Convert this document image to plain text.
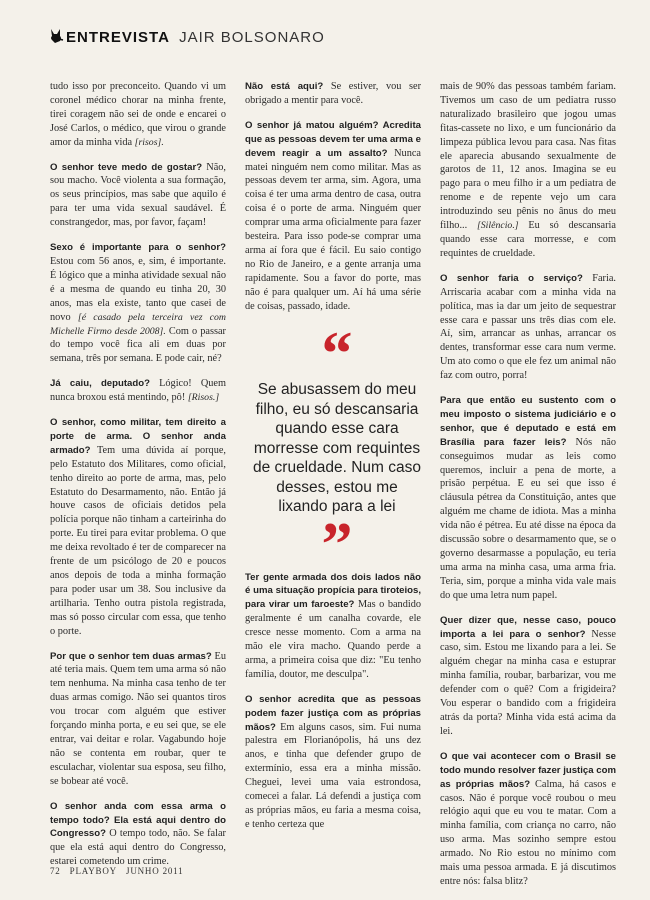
ENTREVISTA JAIR BOLSONARO

tudo isso por preconceito. Quando vi um coronel médico chorar na minha frente, tirei coragem não sei de onde e encarei o José Carlos, o médico, que virou o grande amor da minha vida [risos].

O senhor teve medo de gostar? Não, sou macho. Você violenta a sua formação, os seus princípios, mas sabe que aquilo é para ter uma vida sexual saudável. É constrangedor, mas, por favor, façam!

Sexo é importante para o senhor? Estou com 56 anos, e, sim, é importante. É lógico que a minha atividade sexual não é a mesma de quando eu tinha 20, 30 anos, mas ela existe, tanto que casei de novo [é casado pela terceira vez com Michelle Firmo desde 2008]. Com o passar do tempo você fica ali em duas por semana, três por semana. E pode cair, né?

Já caiu, deputado? Lógico! Quem nunca broxou está mentindo, pô! [Risos.]

O senhor, como militar, tem direito a porte de arma. O senhor anda armado? Tem uma dúvida aí porque, pelo Estatuto dos Militares, como oficial, tenho direito ao porte de arma, mas, pelo Estatuto do Desarmamento, não. Então já houve casos de oficiais detidos pela polícia porque não tinham a carteirinha do porte. Eu tirei para evitar problema. O que me deixa revoltado é ter de comparecer na frente de um psicólogo de 20 e poucos anos depois de toda a minha formação para poder usar um 38. Sou inclusive da artilharia. Tenho outra pistola registrada, mas só posso circular com essa, que tenho o porte.

Por que o senhor tem duas armas? Eu até teria mais. Quem tem uma arma só não tem nenhuma. Na minha casa tenho de ter duas armas comigo. Não sei quantos tiros vou trocar com alguém que estiver forçando minha porta, e eu sei que, se ele entrar, vai deitar e rolar. Vagabundo hoje não se contenta em roubar, quer te esculachar, violentar sua esposa, seu filho, se bobear até você.

O senhor anda com essa arma o tempo todo? Ela está aqui dentro do Congresso? O tempo todo, não. Se falar que ela está aqui dentro do Congresso, estarei cometendo um crime.

Não está aqui? Se estiver, vou ser obrigado a mentir para você.

O senhor já matou alguém? Acredita que as pessoas devem ter uma arma e devem reagir a um assalto? Nunca matei ninguém nem como militar. Mas as pessoas devem ter arma, sim. Agora, uma coisa é ter uma arma dentro de casa, outra coisa é o porte de arma. Ninguém quer comprar uma arma oficialmente para fazer besteira. Para isso pode-se comprar uma arma aí fora que é fácil. Eu saio contigo no Rio de Janeiro, e a gente arranja uma rapidamente. Sou a favor do porte, mas não é para qualquer um. Aí há uma série de coisas, passado, idade.

Ter gente armada dos dois lados não é uma situação propícia para tiroteios, para virar um faroeste? Mas o bandido geralmente é um canalha covarde, ele cresce nesse momento. Com a arma na mão ele vira macho. Quando perde a arma, a primeira coisa que diz: "Eu tenho família, doutor, me desculpa".

O senhor acredita que as pessoas podem fazer justiça com as próprias mãos? Em alguns casos, sim. Fui numa palestra em Florianópolis, há uns dez anos, e tinha que defender grupo de extermínio, essa era a minha missão. Cheguei, levei uma vaia estrondosa, comecei a falar. Lá defendi a justiça com as próprias mãos, eu faria a mesma coisa, e tenho certeza que

“
Se abusassem do meu filho, eu só descansaria quando esse cara morresse com requintes de crueldade. Num caso desses, estou me lixando para a lei
”

mais de 90% das pessoas também fariam. Tivemos um caso de um pediatra russo naturalizado brasileiro que jogou umas fitas-cassete no lixo, e um funcionário da limpeza pública levou para casa. Nas fitas ele aparecia abusando sexualmente de garotos de 11, 12 anos. Imagina se eu pago para o meu filho ir a um pediatra de renome e de repente vejo um cara introduzindo seu pênis no ânus do meu filho... [Silêncio.] Eu só descansaria quando esse cara morresse, e com requintes de crueldade.

O senhor faria o serviço? Faria. Arriscaria acabar com a minha vida na política, mas ia dar um jeito de sequestrar esse cara e passar uns três dias com ele. Aí, sim, arrancar as unhas, arrancar os dentes, transformar esse cara num verme. Um ato como o que ele fez um animal não faz com outro, porra!

Para que então eu sustento com o meu imposto o sistema judiciário e o senhor, que é deputado e está em Brasília para fazer leis? Nós não conseguimos mudar as leis como queremos, incluir a pena de morte, a prisão perpétua. E eu sei que isso é cláusula pétrea da Constituição, antes que alguém me chame de idiota. Mas a minha vida não é pétrea. Eu até disse na época da discussão sobre o desarmamento que, se o governo desarmasse a população, eu teria uma arma na minha casa, uma arma fria. Teria, sim, porque a minha vida vale mais do que uma letra num papel.

Quer dizer que, nesse caso, pouco importa a lei para o senhor? Nesse caso, sim. Estou me lixando para a lei. Se alguém chegar na minha casa e estuprar minha família, roubar, barbarizar, vou me defender com o quê? Com a frigideira? Vou esperar o bandido com a frigideira atrás da porta? Minha vida está acima da lei.

O que vai acontecer com o Brasil se todo mundo resolver fazer justiça com as próprias mãos? Calma, há casos e casos. Não é porque você roubou o meu relógio aqui que eu vou te matar. Com a minha família, com criança no carro, não uso arma. Mas sozinho sempre estou armado. No Rio estou no mínimo com mais uma pessoa armada. E já discutimos entre nós: falsa blitz?

72 PLAYBOY JUNHO 2011
